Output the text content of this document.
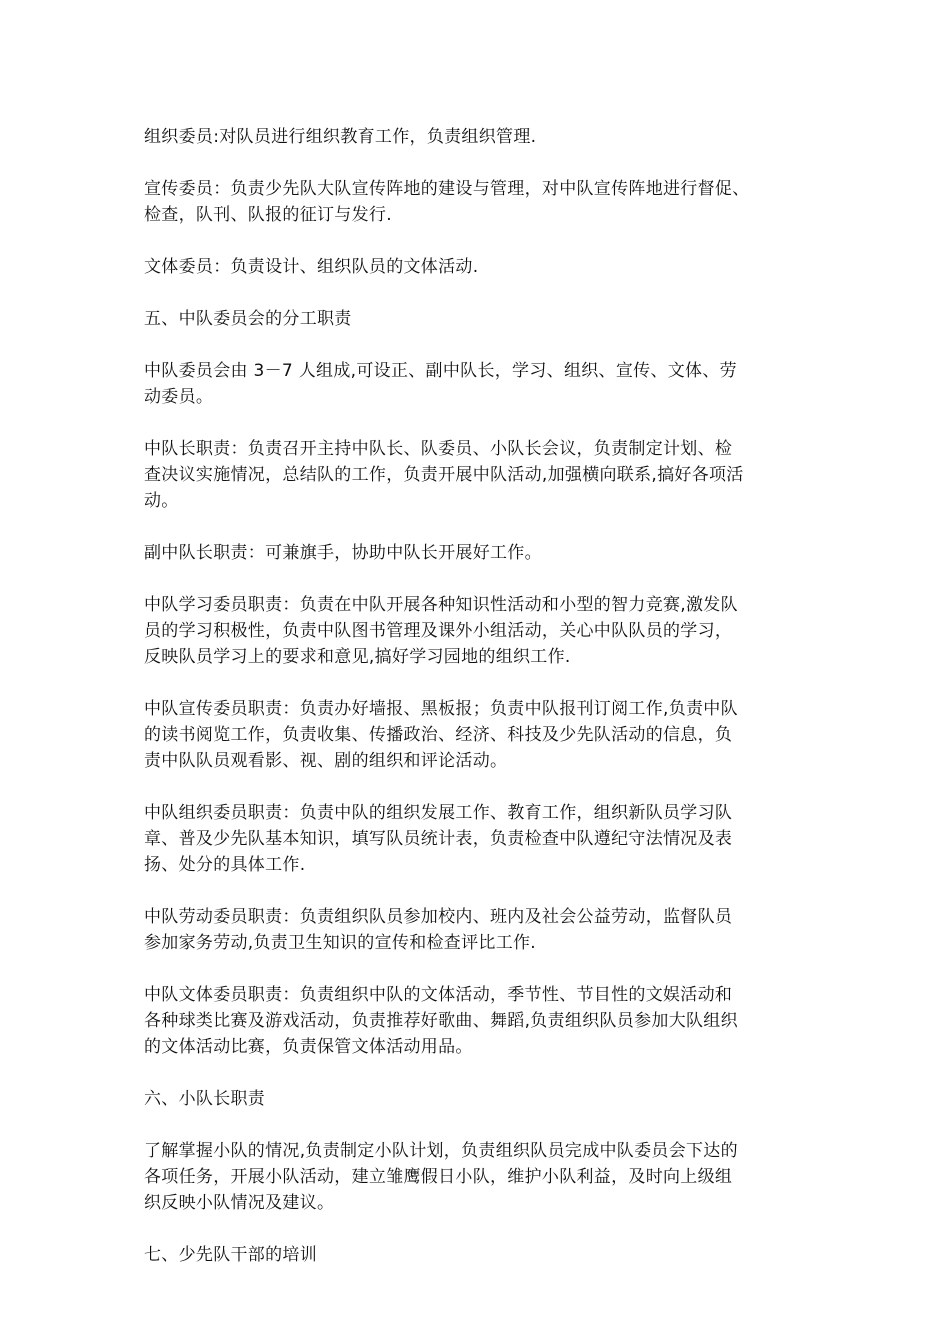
组织委员:对队员进行组织教育工作，负责组织管理.

宣传委员：负责少先队大队宣传阵地的建设与管理，对中队宣传阵地进行督促、
检查，队刊、队报的征订与发行.

文体委员：负责设计、组织队员的文体活动.

五、中队委员会的分工职责

中队委员会由 3－7 人组成,可设正、副中队长，学习、组织、宣传、文体、劳
动委员。

中队长职责：负责召开主持中队长、队委员、小队长会议，负责制定计划、检
查决议实施情况，总结队的工作，负责开展中队活动,加强横向联系,搞好各项活
动。

副中队长职责：可兼旗手，协助中队长开展好工作。

中队学习委员职责：负责在中队开展各种知识性活动和小型的智力竞赛,激发队
员的学习积极性，负责中队图书管理及课外小组活动，关心中队队员的学习，
反映队员学习上的要求和意见,搞好学习园地的组织工作.

中队宣传委员职责：负责办好墙报、黑板报；负责中队报刊订阅工作,负责中队
的读书阅览工作，负责收集、传播政治、经济、科技及少先队活动的信息，负
责中队队员观看影、视、剧的组织和评论活动。

中队组织委员职责：负责中队的组织发展工作、教育工作，组织新队员学习队
章、普及少先队基本知识，填写队员统计表，负责检查中队遵纪守法情况及表
扬、处分的具体工作.

中队劳动委员职责：负责组织队员参加校内、班内及社会公益劳动，监督队员
参加家务劳动,负责卫生知识的宣传和检查评比工作.

中队文体委员职责：负责组织中队的文体活动，季节性、节目性的文娱活动和
各种球类比赛及游戏活动，负责推荐好歌曲、舞蹈,负责组织队员参加大队组织
的文体活动比赛，负责保管文体活动用品。

六、小队长职责

了解掌握小队的情况,负责制定小队计划，负责组织队员完成中队委员会下达的
各项任务，开展小队活动，建立雏鹰假日小队，维护小队利益，及时向上级组
织反映小队情况及建议。

七、少先队干部的培训
